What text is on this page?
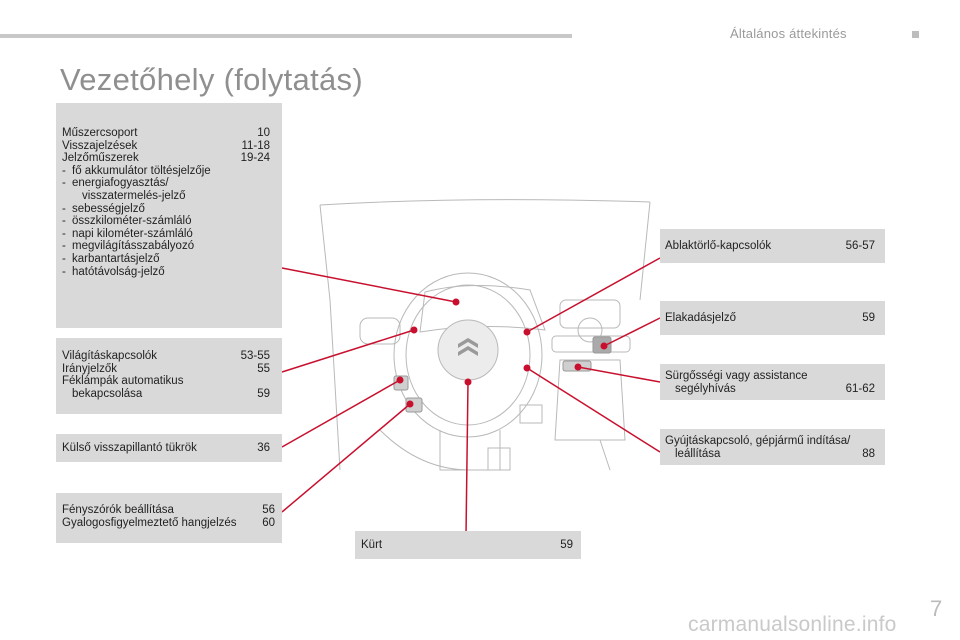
Általános áttekintés
Vezetőhely (folytatás)
Műszercsoport	10
Visszajelzések	11-18
Jelzőműszerek	19-24
- fő akkumulátor töltésjelzője
- energiafogyasztás/
visszatermelés-jelző
- sebességjelző
- összkilométer-számláló
- napi kilométer-számláló
- megvilágításszabályozó
- karbantartásjelző
- hatótávolság-jelző
Világításkapcsolók	53-55
Irányjelzők	55
Féklámpák automatikus
bekapcsolása	59
Külső visszapillantó tükrök	36
Fényszórók beállítása	56
Gyalogosfigyelmeztető hangjelzés	60
Kürt	59
Ablaktörlő-kapcsolók	56-57
Elakadásjelző	59
Sürgősségi vagy assistance
segélyhívás	61-62
Gyújtáskapcsoló, gépjármű indítása/
leállítása	88
7
carmanualsonline.info
